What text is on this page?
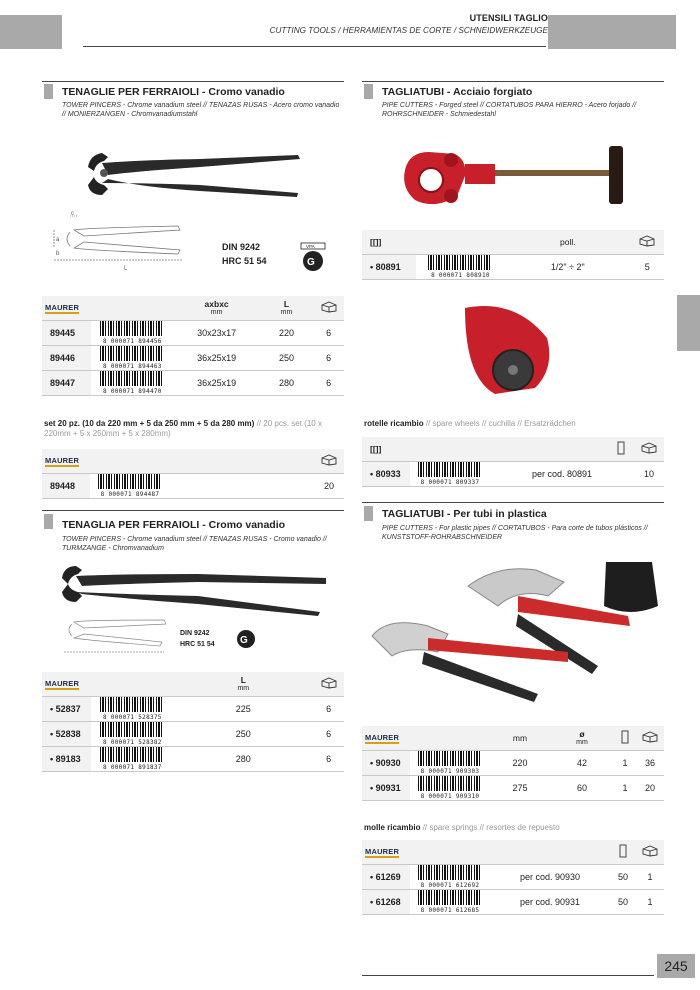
UTENSILI TAGLIO
CUTTING TOOLS / HERRAMIENTAS DE CORTE / SCHNEIDWERKZEUGE
TENAGLIE PER FERRAIOLI - Cromo vanadio
TOWER PINCERS - Chrome vanadium steel // TENAZAS RUSAS - Acero cromo vanadio // MONIERZANGEN - Chromvanadiumstahl
c
a
b
L
DIN 9242
HRC 51 54
VPA
G
MAURER		axbxc
mm	L
mm

89445	8 000071 894456	30x23x17	220	6
89446	8 000071 894463	36x25x19	250	6
89447	8 000071 894470	36x25x19	280	6
set 20 pz. (10 da 220 mm + 5 da 250 mm + 5 da 280 mm) // 20 pcs. set (10 x 220mm + 5 x 250mm + 5 x 280mm)
MAURER	
89448	8 000071 894487		20
TENAGLIA PER FERRAIOLI - Cromo vanadio
TOWER PINCERS - Chrome vanadium steel // TENAZAS RUSAS - Cromo vanadio // TURMZANGE - Chromvanadium
DIN 9242
HRC 51 54	G
MAURER		L
mm

• 52837	8 000071 528375	225	6
• 52838	8 000071 528382	250	6
• 89183	8 000071 891837	280	6
TAGLIATUBI - Acciaio forgiato
PIPE CUTTERS - Forged steel // CORTATUBOS PARA HIERRO - Acero forjado // ROHRSCHNEIDER - Schmiedestahl
[[]]		poll.	
• 80891	8 000071 808910	1/2" ÷ 2"	5
rotelle ricambio // spare wheels // cuchilla // Ersatzrädchen
[[]]		
• 80933	8 000071 809337	per cod. 80891		10
TAGLIATUBI - Per tubi in plastica
PIPE CUTTERS - For plastic pipes // CORTATUBOS - Para corte de tubos plásticos // KUNSTSTOFF-ROHRABSCHNEIDER
MAURER		mm	ø
mm

• 90930	8 000071 909303	220	42	1	36
• 90931	8 000071 909310	275	60	1	20
molle ricambio // spare springs // resortes de repuesto
MAURER		
• 61269	8 000071 612692	per cod. 90930	50	1
• 61268	8 000071 612685	per cod. 90931	50	1
245
